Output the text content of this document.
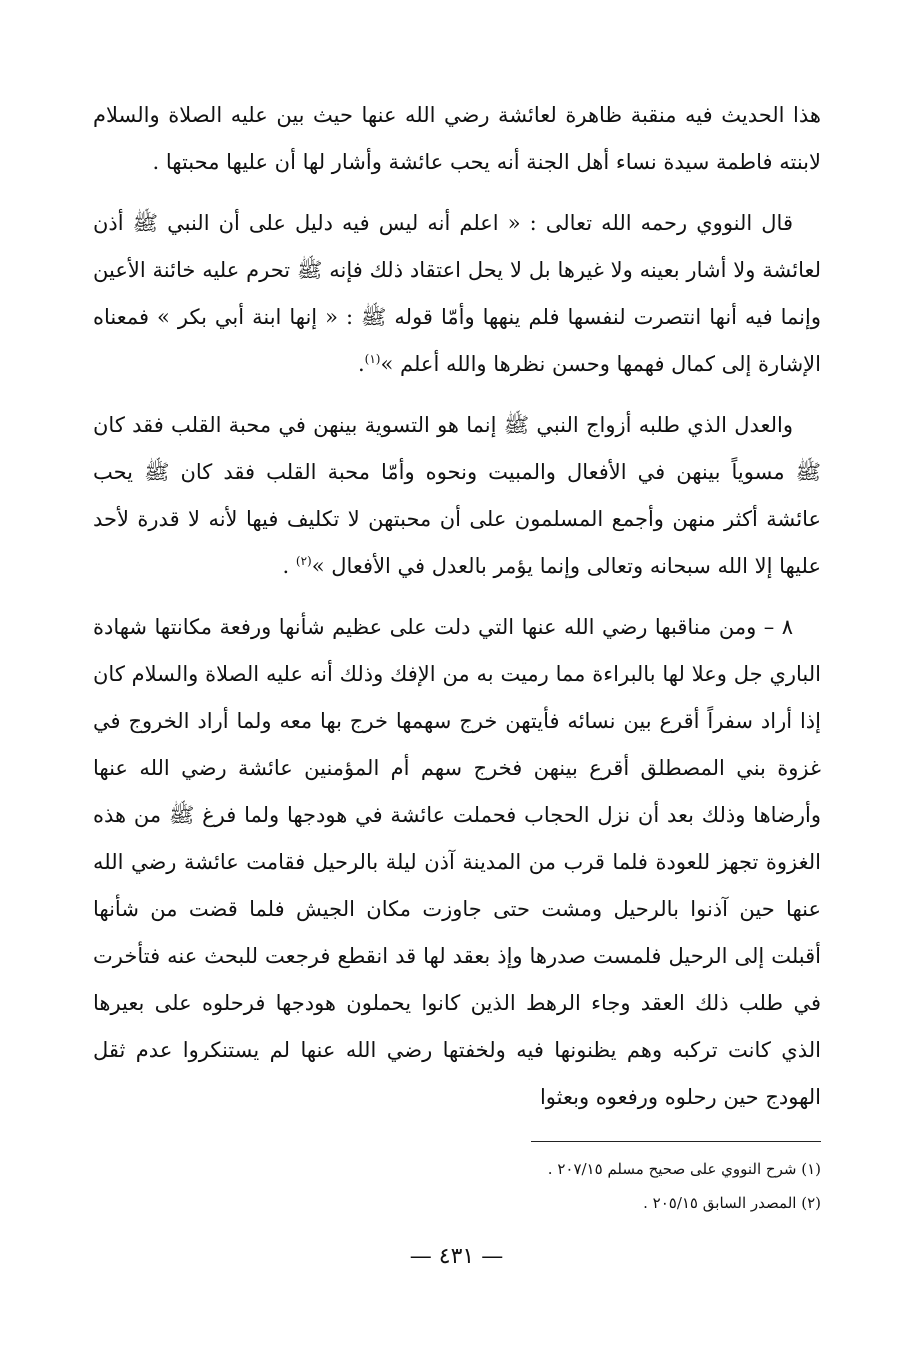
هذا الحديث فيه منقبة ظاهرة لعائشة رضي الله عنها حيث بين عليه الصلاة والسلام لابنته فاطمة سيدة نساء أهل الجنة أنه يحب عائشة وأشار لها أن عليها محبتها .

قال النووي رحمه الله تعالى : « اعلم أنه ليس فيه دليل على أن النبي ﷺ أذن لعائشة ولا أشار بعينه ولا غيرها بل لا يحل اعتقاد ذلك فإنه ﷺ تحرم عليه خائنة الأعين وإنما فيه أنها انتصرت لنفسها فلم ينهها وأمّا قوله ﷺ : « إنها ابنة أبي بكر » فمعناه الإشارة إلى كمال فهمها وحسن نظرها والله أعلم »$^{(١)}$.

والعدل الذي طلبه أزواج النبي ﷺ إنما هو التسوية بينهن في محبة القلب فقد كان ﷺ مسوياً بينهن في الأفعال والمبيت ونحوه وأمّا محبة القلب فقد كان ﷺ يحب عائشة أكثر منهن وأجمع المسلمون على أن محبتهن لا تكليف فيها لأنه لا قدرة لأحد عليها إلا الله سبحانه وتعالى وإنما يؤمر بالعدل في الأفعال »$^{(٢)}$ .

٨ – ومن مناقبها رضي الله عنها التي دلت على عظيم شأنها ورفعة مكانتها شهادة الباري جل وعلا لها بالبراءة مما رميت به من الإفك وذلك أنه عليه الصلاة والسلام كان إذا أراد سفراً أقرع بين نسائه فأيتهن خرج سهمها خرج بها معه ولما أراد الخروج في غزوة بني المصطلق أقرع بينهن فخرج سهم أم المؤمنين عائشة رضي الله عنها وأرضاها وذلك بعد أن نزل الحجاب فحملت عائشة في هودجها ولما فرغ ﷺ من هذه الغزوة تجهز للعودة فلما قرب من المدينة آذن ليلة بالرحيل فقامت عائشة رضي الله عنها حين آذنوا بالرحيل ومشت حتى جاوزت مكان الجيش فلما قضت من شأنها أقبلت إلى الرحيل فلمست صدرها وإذ بعقد لها قد انقطع فرجعت للبحث عنه فتأخرت في طلب ذلك العقد وجاء الرهط الذين كانوا يحملون هودجها فرحلوه على بعيرها الذي كانت تركبه وهم يظنونها فيه ولخفتها رضي الله عنها لم يستنكروا عدم ثقل الهودج حين رحلوه ورفعوه وبعثوا

(١) شرح النووي على صحيح مسلم ٢٠٧/١٥ .

(٢) المصدر السابق ٢٠٥/١٥ .

— ٤٣١ —
